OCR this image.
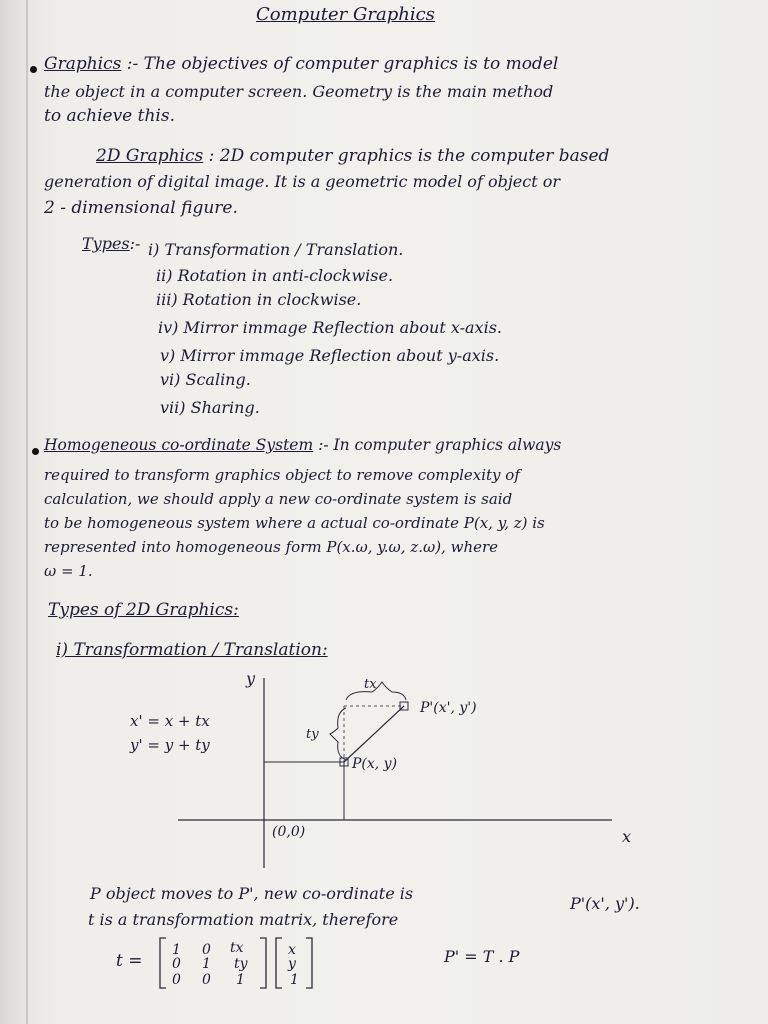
Computer Graphics
Graphics :- The objectives of computer graphics is to model
the object in a computer screen. Geometry is the main method
to achieve this.
2D Graphics : 2D computer graphics is the computer based
generation of digital image. It is a geometric model of object or
2 - dimensional figure.
Types:- i) Transformation / Translation.
ii) Rotation in anti-clockwise.
iii) Rotation in clockwise.
iv) Mirror immage Reflection about x-axis.
v) Mirror immage Reflection about y-axis.
vi) Scaling.
vii) Sharing.
Homogeneous co-ordinate System :- In computer graphics always
required to transform graphics object to remove complexity of
calculation, we should apply a new co-ordinate system is said
to be homogeneous system where a actual co-ordinate P(x, y, z) is
represented into homogeneous form P(x.ω, y.ω, z.ω), where
ω = 1.
Types of 2D Graphics:
i) Transformation / Translation:
y
x
(0,0)
tx
ty
P(x, y)
P'(x', y')
x' = x + tx
y' = y + ty
t =
1 0 tx
0 1 ty
0 0 1
x
y
1
P' = T . P
P object moves to P', new co-ordinate is
P'(x', y').
t is a transformation matrix, therefore
